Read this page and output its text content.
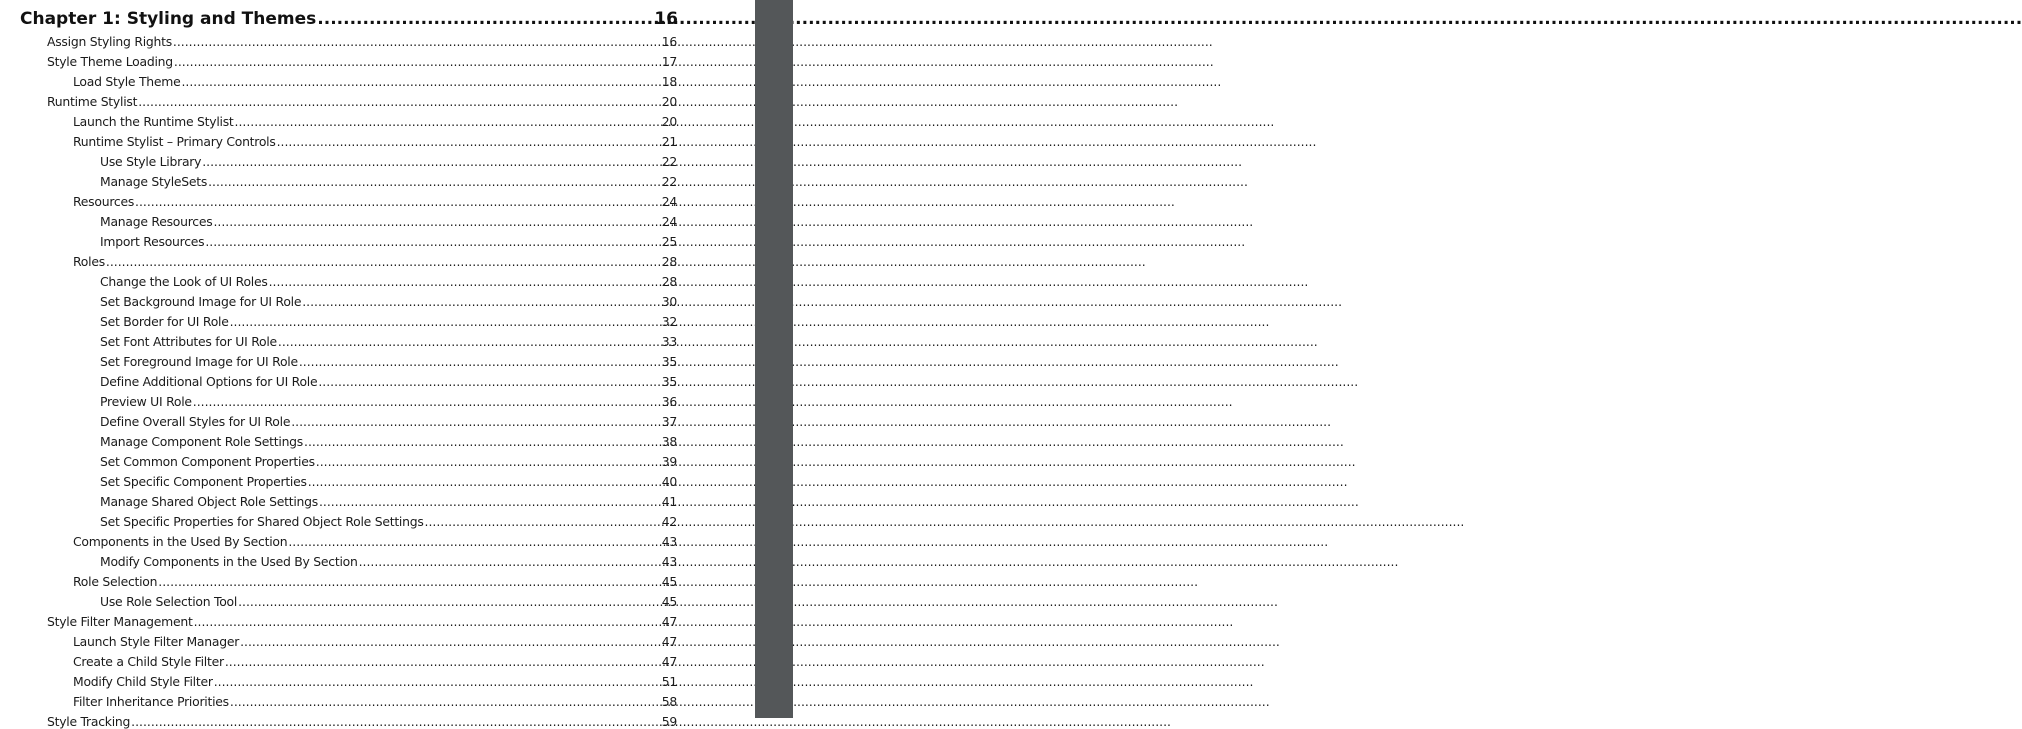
Chapter 1: Styling and Themes .....	16
Assign Styling Rights .....	16
Style Theme Loading .....	17
Load Style Theme .....	18
Runtime Stylist .....	20
Launch the Runtime Stylist .....	20
Runtime Stylist – Primary Controls .....	21
Use Style Library .....	22
Manage StyleSets .....	22
Resources .....	24
Manage Resources .....	24
Import Resources .....	25
Roles .....	28
Change the Look of UI Roles .....	28
Set Background Image for UI Role .....	30
Set Border for UI Role .....	32
Set Font Attributes for UI Role .....	33
Set Foreground Image for UI Role .....	35
Define Additional Options for UI Role .....	35
Preview UI Role .....	36
Define Overall Styles for UI Role .....	37
Manage Component Role Settings .....	38
Set Common Component Properties .....	39
Set Specific Component Properties .....	40
Manage Shared Object Role Settings .....	41
Set Specific Properties for Shared Object Role Settings .....	42
Components in the Used By Section .....	43
Modify Components in the Used By Section .....	43
Role Selection .....	45
Use Role Selection Tool .....	45
Style Filter Management .....	47
Launch Style Filter Manager .....	47
Create a Child Style Filter .....	47
Modify Child Style Filter .....	51
Filter Inheritance Priorities .....	58
Style Tracking .....	59
